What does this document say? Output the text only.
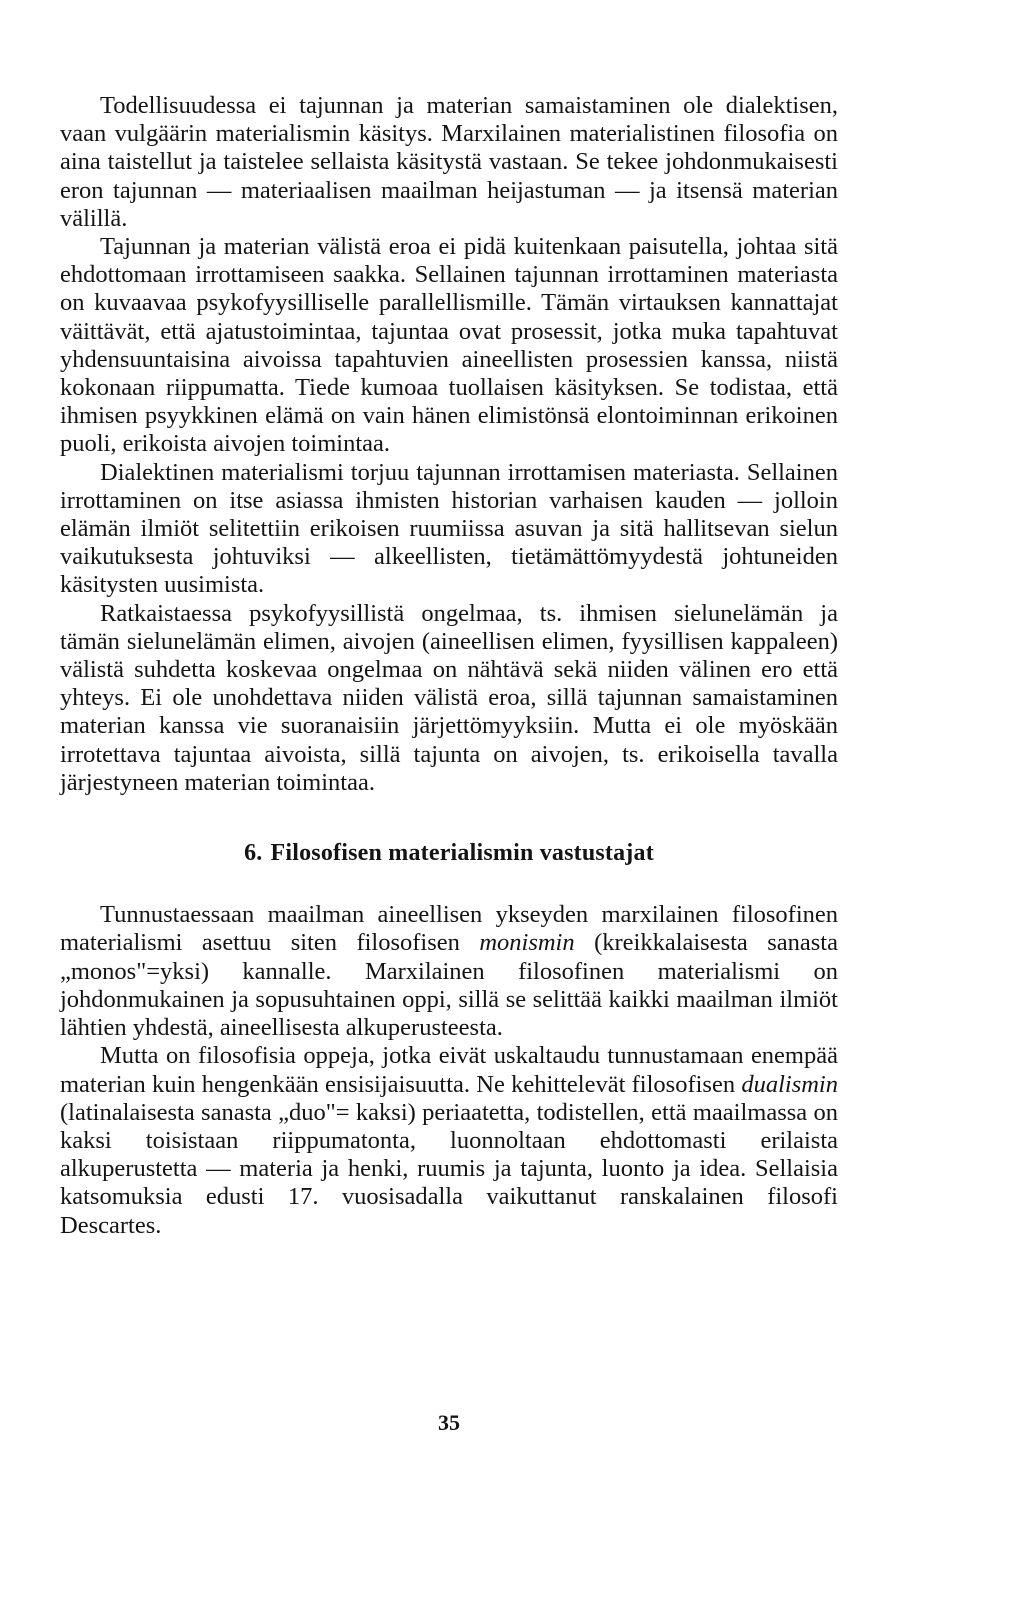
Todellisuudessa ei tajunnan ja materian samaistaminen ole dialektisen, vaan vulgäärin materialismin käsitys. Marxilainen materialistinen filosofia on aina taistellut ja taistelee sellaista käsitystä vastaan. Se tekee johdonmukaisesti eron tajunnan — materiaalisen maailman heijastuman — ja itsensä materian välillä.

Tajunnan ja materian välistä eroa ei pidä kuitenkaan paisutella, johtaa sitä ehdottomaan irrottamiseen saakka. Sellainen tajunnan irrottaminen materiasta on kuvaavaa psykofyysilliselle parallellismille. Tämän virtauksen kannattajat väittävät, että ajatustoimintaa, tajuntaa ovat prosessit, jotka muka tapahtuvat yhdensuuntaisina aivoissa tapahtuvien aineellisten prosessien kanssa, niistä kokonaan riippumatta. Tiede kumoaa tuollaisen käsityksen. Se todistaa, että ihmisen psyykkinen elämä on vain hänen elimistönsä elontoiminnan erikoinen puoli, erikoista aivojen toimintaa.

Dialektinen materialismi torjuu tajunnan irrottamisen materiasta. Sellainen irrottaminen on itse asiassa ihmisten historian varhaisen kauden — jolloin elämän ilmiöt selitettiin erikoisen ruumiissa asuvan ja sitä hallitsevan sielun vaikutuksesta johtuviksi — alkeellisten, tietämättömyydestä johtuneiden käsitysten uusimista.

Ratkaistaessa psykofyysillistä ongelmaa, ts. ihmisen sielunelämän ja tämän sielunelämän elimen, aivojen (aineellisen elimen, fyysillisen kappaleen) välistä suhdetta koskevaa ongelmaa on nähtävä sekä niiden välinen ero että yhteys. Ei ole unohdettava niiden välistä eroa, sillä tajunnan samaistaminen materian kanssa vie suoranaisiin järjettömyyksiin. Mutta ei ole myöskään irrotettava tajuntaa aivoista, sillä tajunta on aivojen, ts. erikoisella tavalla järjestyneen materian toimintaa.

6. Filosofisen materialismin vastustajat

Tunnustaessaan maailman aineellisen ykseyden marxilainen filosofinen materialismi asettuu siten filosofisen monismin (kreikkalaisesta sanasta „monos"=yksi) kannalle. Marxilainen filosofinen materialismi on johdonmukainen ja sopusuhtainen oppi, sillä se selittää kaikki maailman ilmiöt lähtien yhdestä, aineellisesta alkuperusteesta.

Mutta on filosofisia oppeja, jotka eivät uskaltaudu tunnustamaan enempää materian kuin hengenkään ensisijaisuutta. Ne kehittelevät filosofisen dualismin (latinalaisesta sanasta „duo"= kaksi) periaatetta, todistellen, että maailmassa on kaksi toisistaan riippumatonta, luonnoltaan ehdottomasti erilaista alkuperustetta — materia ja henki, ruumis ja tajunta, luonto ja idea. Sellaisia katsomuksia edusti 17. vuosisadalla vaikuttanut ranskalainen filosofi Descartes.

35
